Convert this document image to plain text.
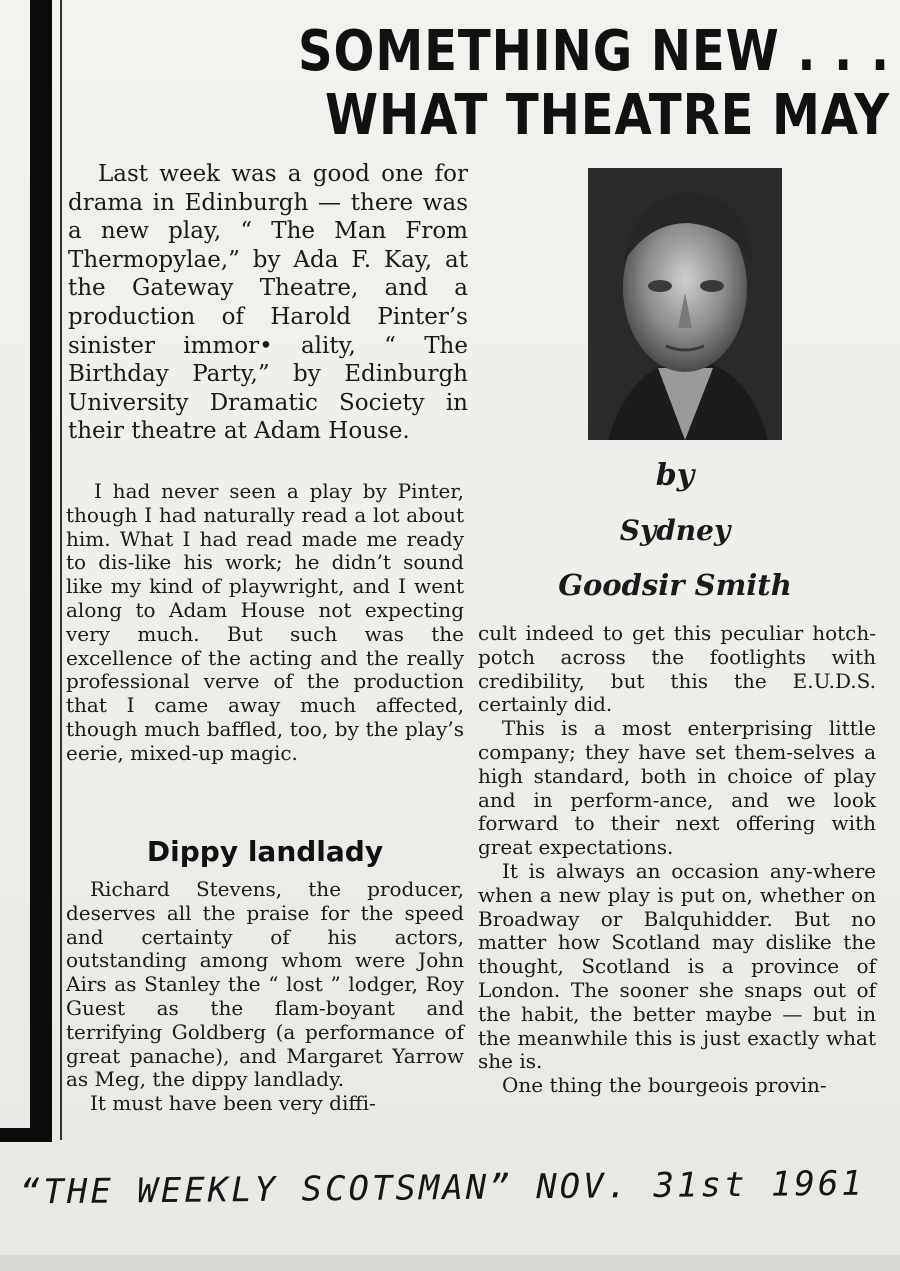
SOMETHING NEW . . .
WHAT THEATRE MAY

Last week was a good one for drama in Edinburgh — there was a new play, “ The Man From Thermopylae,” by Ada F. Kay, at the Gateway Theatre, and a production of Harold Pinter’s sinister immor• ality, “ The Birthday Party,” by Edinburgh University Dramatic Society in their theatre at Adam House.

I had never seen a play by Pinter, though I had naturally read a lot about him. What I had read made me ready to dis-like his work; he didn’t sound like my kind of playwright, and I went along to Adam House not expecting very much. But such was the excellence of the acting and the really professional verve of the production that I came away much affected, though much baffled, too, by the play’s eerie, mixed-up magic.

Dippy landlady

Richard Stevens, the producer, deserves all the praise for the speed and certainty of his actors, outstanding among whom were John Airs as Stanley the “ lost ” lodger, Roy Guest as the flam-boyant and terrifying Goldberg (a performance of great panache), and Margaret Yarrow as Meg, the dippy landlady.

It must have been very diffi-

by
Sydney
Goodsir Smith

cult indeed to get this peculiar hotch-potch across the footlights with credibility, but this the E.U.D.S. certainly did.

This is a most enterprising little company; they have set them-selves a high standard, both in choice of play and in perform-ance, and we look forward to their next offering with great expectations.

It is always an occasion any-where when a new play is put on, whether on Broadway or Balquhidder. But no matter how Scotland may dislike the thought, Scotland is a province of London. The sooner she snaps out of the habit, the better maybe — but in the meanwhile this is just exactly what she is.

One thing the bourgeois provin-

“THE WEEKLY SCOTSMAN” NOV. 31st 1961
